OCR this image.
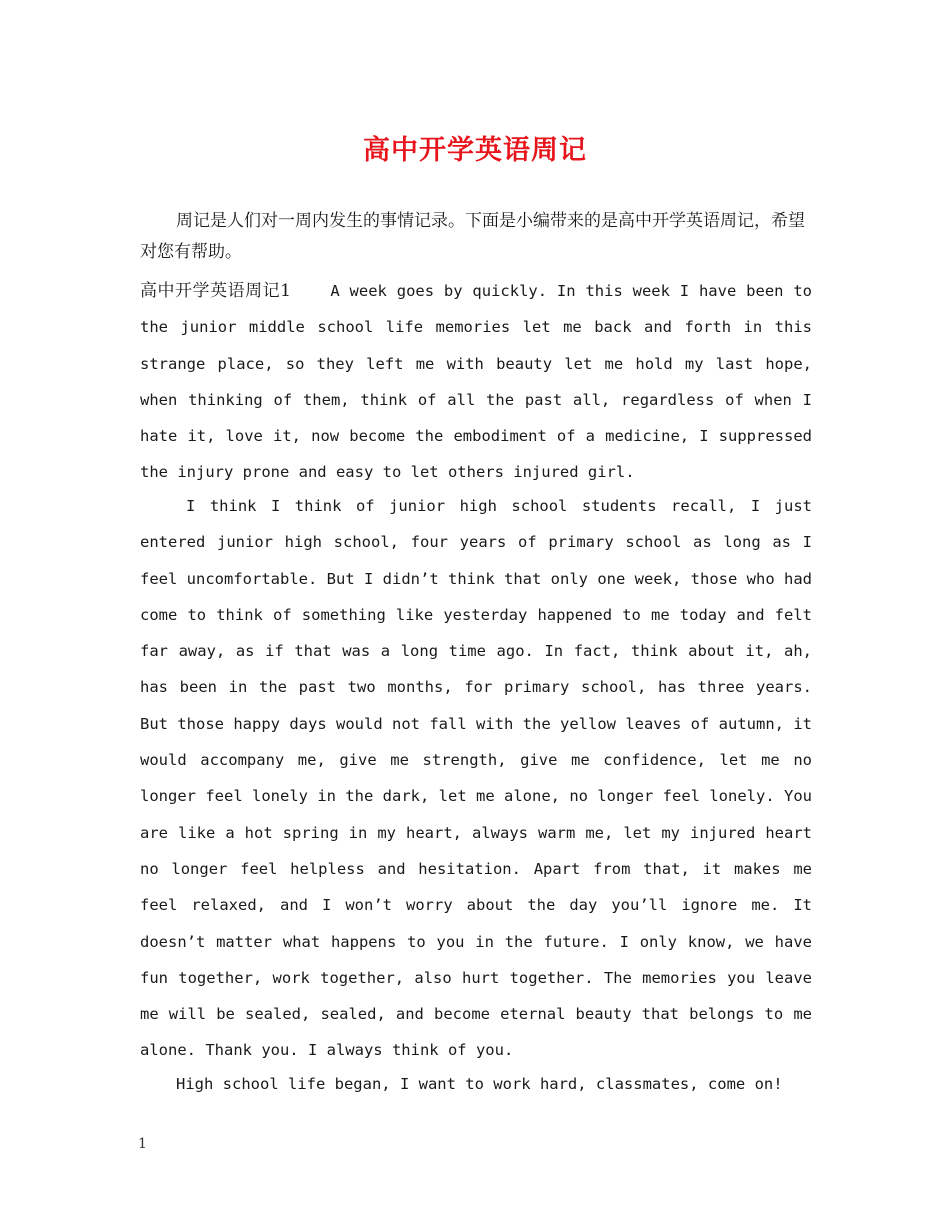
高中开学英语周记

周记是人们对一周内发生的事情记录。下面是小编带来的是高中开学英语周记，希望对您有帮助。

高中开学英语周记1	A week goes by quickly. In this week I have been to the junior middle school life memories let me back and forth in this strange place, so they left me with beauty let me hold my last hope, when thinking of them, think of all the past all, regardless of when I hate it, love it, now become the embodiment of a medicine, I suppressed the injury prone and easy to let others injured girl.

I think I think of junior high school students recall, I just entered junior high school, four years of primary school as long as I feel uncomfortable. But I didn’t think that only one week, those who had come to think of something like yesterday happened to me today and felt far away, as if that was a long time ago. In fact, think about it, ah, has been in the past two months, for primary school, has three years. But those happy days would not fall with the yellow leaves of autumn, it would accompany me, give me strength, give me confidence, let me no longer feel lonely in the dark, let me alone, no longer feel lonely. You are like a hot spring in my heart, always warm me, let my injured heart no longer feel helpless and hesitation. Apart from that, it makes me feel relaxed, and I won’t worry about the day you’ll ignore me. It doesn’t matter what happens to you in the future. I only know, we have fun together, work together, also hurt together. The memories you leave me will be sealed, sealed, and become eternal beauty that belongs to me alone. Thank you. I always think of you.

High school life began, I want to work hard, classmates, come on!

1
